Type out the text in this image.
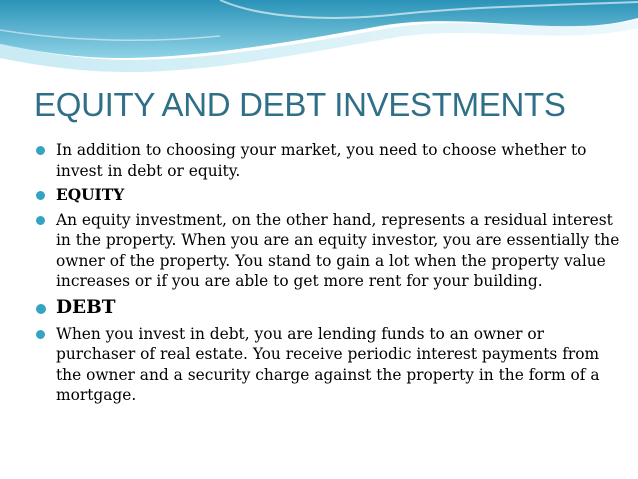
EQUITY AND DEBT INVESTMENTS
In addition to choosing your market, you need to choose whether to invest in debt or equity.
EQUITY
An equity investment, on the other hand, represents a residual interest in the property. When you are an equity investor, you are essentially the owner of the property. You stand to gain a lot when the property value increases or if you are able to get more rent for your building.
DEBT
When you invest in debt, you are lending funds to an owner or purchaser of real estate. You receive periodic interest payments from the owner and a security charge against the property in the form of a mortgage.
